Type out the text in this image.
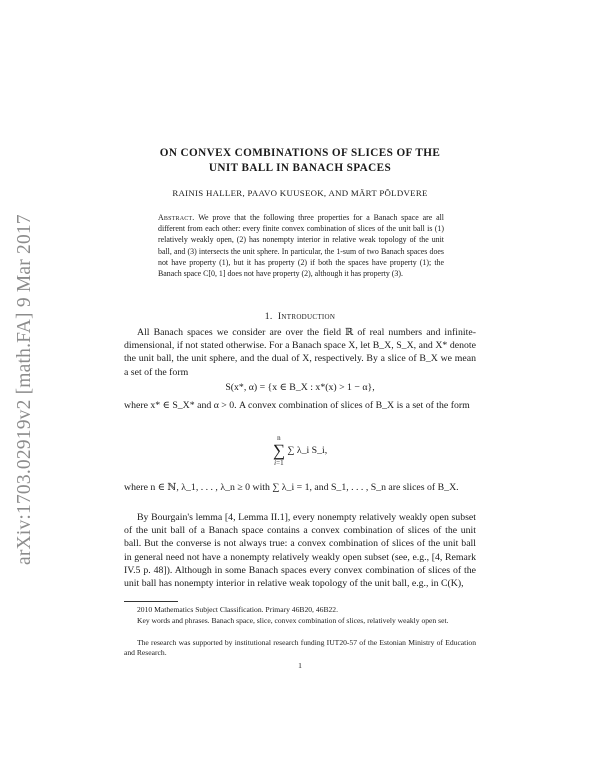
arXiv:1703.02919v2 [math.FA] 9 Mar 2017
ON CONVEX COMBINATIONS OF SLICES OF THE
UNIT BALL IN BANACH SPACES
RAINIS HALLER, PAAVO KUUSEOK, AND MÄRT PÕLDVERE
Abstract. We prove that the following three properties for a Banach space are all different from each other: every finite convex combination of slices of the unit ball is (1) relatively weakly open, (2) has nonempty interior in relative weak topology of the unit ball, and (3) intersects the unit sphere. In particular, the 1-sum of two Banach spaces does not have property (1), but it has property (2) if both the spaces have property (1); the Banach space C[0, 1] does not have property (2), although it has property (3).
1. Introduction
All Banach spaces we consider are over the field ℝ of real numbers and infinite-dimensional, if not stated otherwise. For a Banach space X, let B_X, S_X, and X* denote the unit ball, the unit sphere, and the dual of X, respectively. By a slice of B_X we mean a set of the form
S(x*, α) = {x ∈ B_X : x*(x) > 1 − α},
where x* ∈ S_X* and α > 0. A convex combination of slices of B_X is a set of the form
n
∑
i=1 ∑ λ_i S_i,
where n ∈ ℕ, λ_1, . . . , λ_n ≥ 0 with ∑ λ_i = 1, and S_1, . . . , S_n are slices of B_X.
By Bourgain's lemma [4, Lemma II.1], every nonempty relatively weakly open subset of the unit ball of a Banach space contains a convex combination of slices of the unit ball. But the converse is not always true: a convex combination of slices of the unit ball in general need not have a nonempty relatively weakly open subset (see, e.g., [4, Remark IV.5 p. 48]). Although in some Banach spaces every convex combination of slices of the unit ball has nonempty interior in relative weak topology of the unit ball, e.g., in C(K),
2010 Mathematics Subject Classification. Primary 46B20, 46B22.
Key words and phrases. Banach space, slice, convex combination of slices, relatively weakly open set.
The research was supported by institutional research funding IUT20-57 of the Estonian Ministry of Education and Research.
1
